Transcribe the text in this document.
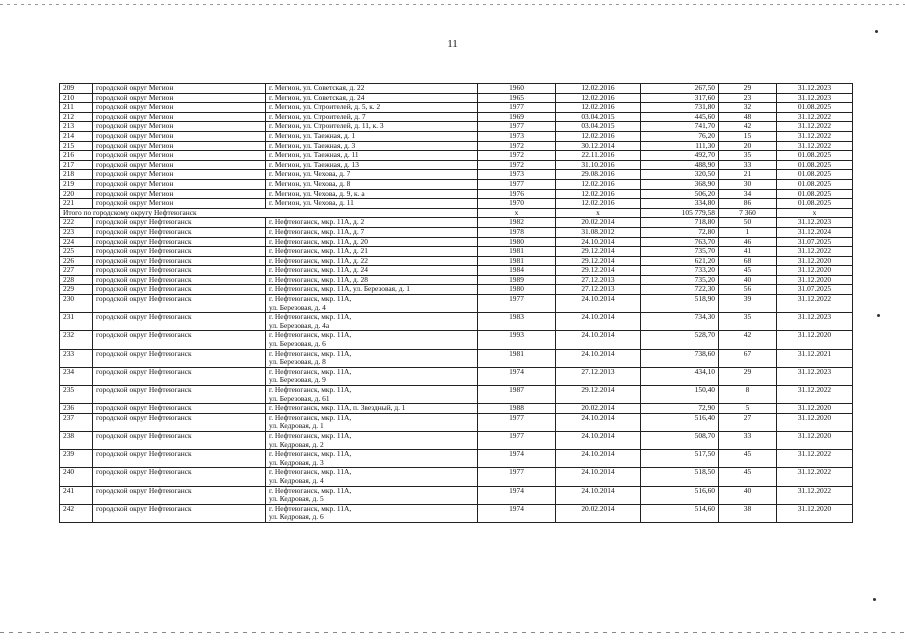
11
209	городской округ Мегион	г. Мегион, ул. Советская, д. 22	1960	12.02.2016	267,50	29	31.12.2023
210	городской округ Мегион	г. Мегион, ул. Советская, д. 24	1965	12.02.2016	317,60	23	31.12.2023
211	городской округ Мегион	г. Мегион, ул. Строителей, д. 5, к. 2	1977	12.02.2016	731,80	32	01.08.2025
212	городской округ Мегион	г. Мегион, ул. Строителей, д. 7	1969	03.04.2015	445,60	48	31.12.2022
213	городской округ Мегион	г. Мегион, ул. Строителей, д. 11, к. 3	1977	03.04.2015	741,70	42	31.12.2022
214	городской округ Мегион	г. Мегион, ул. Таежная, д. 1	1973	12.02.2016	76,20	15	31.12.2022
215	городской округ Мегион	г. Мегион, ул. Таежная, д. 3	1972	30.12.2014	111,30	20	31.12.2022
216	городской округ Мегион	г. Мегион, ул. Таежная, д. 11	1972	22.11.2016	492,70	35	01.08.2025
217	городской округ Мегион	г. Мегион, ул. Таежная, д. 13	1972	31.10.2016	488,90	33	01.08.2025
218	городской округ Мегион	г. Мегион, ул. Чехова, д. 7	1973	29.08.2016	320,50	21	01.08.2025
219	городской округ Мегион	г. Мегион, ул. Чехова, д. 8	1977	12.02.2016	368,90	30	01.08.2025
220	городской округ Мегион	г. Мегион, ул. Чехова, д. 9, к. а	1976	12.02.2016	506,20	34	01.08.2025
221	городской округ Мегион	г. Мегион, ул. Чехова, д. 11	1970	12.02.2016	334,80	86	01.08.2025
Итого по городскому округу Нефтеюганск			x	x	105 779,58	7 360	x
222	городской округ Нефтеюганск	г. Нефтеюганск, мкр. 11А, д. 2	1982	20.02.2014	718,80	50	31.12.2023
223	городской округ Нефтеюганск	г. Нефтеюганск, мкр. 11А, д. 7	1978	31.08.2012	72,80	1	31.12.2024
224	городской округ Нефтеюганск	г. Нефтеюганск, мкр. 11А, д. 20	1980	24.10.2014	763,70	46	31.07.2025
225	городской округ Нефтеюганск	г. Нефтеюганск, мкр. 11А, д. 21	1981	29.12.2014	735,70	41	31.12.2022
226	городской округ Нефтеюганск	г. Нефтеюганск, мкр. 11А, д. 22	1981	29.12.2014	621,20	68	31.12.2020
227	городской округ Нефтеюганск	г. Нефтеюганск, мкр. 11А, д. 24	1984	29.12.2014	733,20	45	31.12.2020
228	городской округ Нефтеюганск	г. Нефтеюганск, мкр. 11А, д. 28	1989	27.12.2013	735,20	40	31.12.2020
229	городской округ Нефтеюганск	г. Нефтеюганск, мкр. 11А, ул. Березовая, д. 1	1980	27.12.2013	722,30	56	31.07.2025
230	городской округ Нефтеюганск	г. Нефтеюганск, мкр. 11А,
ул. Березовая, д. 4	1977	24.10.2014	518,90	39	31.12.2022
231	городской округ Нефтеюганск	г. Нефтеюганск, мкр. 11А,
ул. Березовая, д. 4а	1983	24.10.2014	734,30	35	31.12.2023
232	городской округ Нефтеюганск	г. Нефтеюганск, мкр. 11А,
ул. Березовая, д. 6	1993	24.10.2014	528,70	42	31.12.2020
233	городской округ Нефтеюганск	г. Нефтеюганск, мкр. 11А,
ул. Березовая, д. 8	1981	24.10.2014	738,60	67	31.12.2021
234	городской округ Нефтеюганск	г. Нефтеюганск, мкр. 11А,
ул. Березовая, д. 9	1974	27.12.2013	434,10	29	31.12.2023
235	городской округ Нефтеюганск	г. Нефтеюганск, мкр. 11А,
ул. Березовая, д. 61	1987	29.12.2014	150,40	8	31.12.2022
236	городской округ Нефтеюганск	г. Нефтеюганск, мкр. 11А, п. Звездный, д. 1	1988	20.02.2014	72,90	5	31.12.2020
237	городской округ Нефтеюганск	г. Нефтеюганск, мкр. 11А,
ул. Кедровая, д. 1	1977	24.10.2014	516,40	27	31.12.2020
238	городской округ Нефтеюганск	г. Нефтеюганск, мкр. 11А,
ул. Кедровая, д. 2	1977	24.10.2014	508,70	33	31.12.2020
239	городской округ Нефтеюганск	г. Нефтеюганск, мкр. 11А,
ул. Кедровая, д. 3	1974	24.10.2014	517,50	45	31.12.2022
240	городской округ Нефтеюганск	г. Нефтеюганск, мкр. 11А,
ул. Кедровая, д. 4	1977	24.10.2014	518,50	45	31.12.2022
241	городской округ Нефтеюганск	г. Нефтеюганск, мкр. 11А,
ул. Кедровая, д. 5	1974	24.10.2014	516,60	40	31.12.2022
242	городской округ Нефтеюганск	г. Нефтеюганск, мкр. 11А,
ул. Кедровая, д. 6	1974	20.02.2014	514,60	38	31.12.2020
